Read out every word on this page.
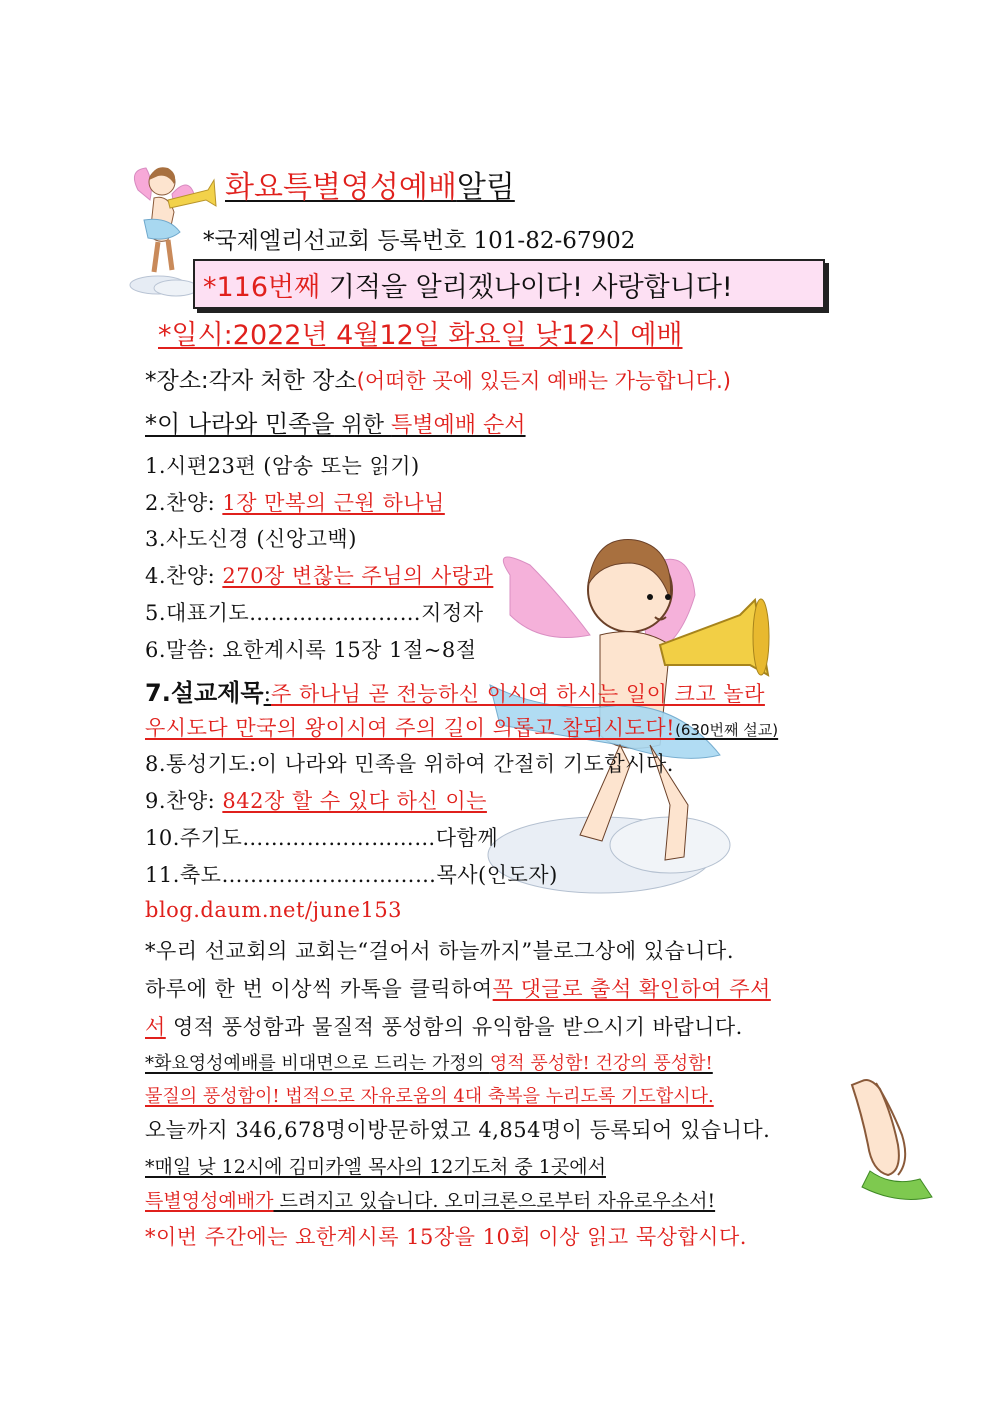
화요특별영성예배알림
*국제엘리선교회 등록번호 101-82-67902
*116번째 기적을 알리겠나이다! 사랑합니다!
*일시:2022년 4월12일 화요일 낮12시 예배
*장소:각자 처한 장소(어떠한 곳에 있든지 예배는 가능합니다.)
*이 나라와 민족을 위한 특별예배 순서
1.시편23편 (암송 또는 읽기)
2.찬양: 1장 만복의 근원 하나님
3.사도신경 (신앙고백)
4.찬양: 270장 변찮는 주님의 사랑과
5.대표기도……………………지정자
6.말씀: 요한계시록 15장 1절~8절
7.설교제목:주 하나님 곧 전능하신 이시여 하시는 일이 크고 놀라
우시도다 만국의 왕이시여 주의 길이 의롭고 참되시도다!(630번째 설교)
8.통성기도:이 나라와 민족을 위하여 간절히 기도합시다.
9.찬양: 842장 할 수 있다 하신 이는
10.주기도………………………다함께
11.축도…………………………목사(인도자)
blog.daum.net/june153
*우리 선교회의 교회는“걸어서 하늘까지”블로그상에 있습니다.
하루에 한 번 이상씩 카톡을 클릭하여꼭 댓글로 출석 확인하여 주셔
서 영적 풍성함과 물질적 풍성함의 유익함을 받으시기 바랍니다.
*화요영성예배를 비대면으로 드리는 가정의 영적 풍성함! 건강의 풍성함!
물질의 풍성함이! 법적으로 자유로움의 4대 축복을 누리도록 기도합시다.
오늘까지 346,678명이방문하였고 4,854명이 등록되어 있습니다.
*매일 낮 12시에 김미카엘 목사의 12기도처 중 1곳에서
특별영성예배가 드려지고 있습니다. 오미크론으로부터 자유로우소서!
*이번 주간에는 요한계시록 15장을 10회 이상 읽고 묵상합시다.
